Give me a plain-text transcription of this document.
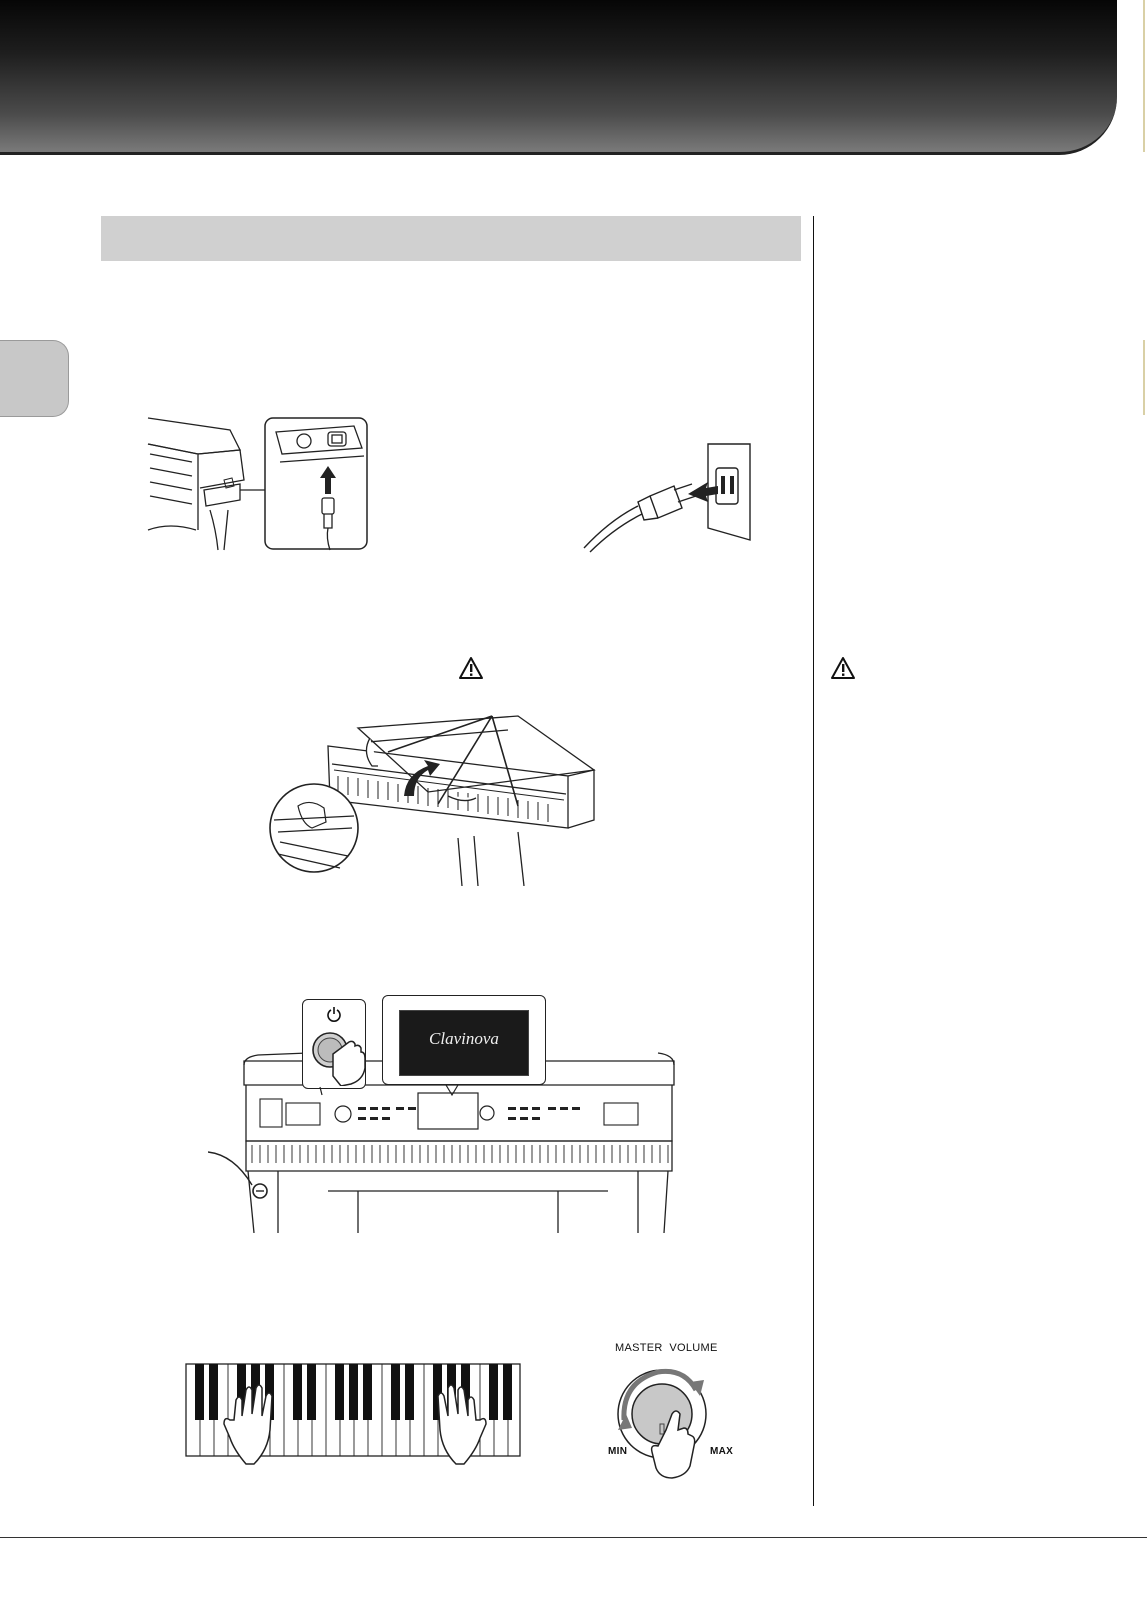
Clavinova
MASTER  VOLUME
MIN	MAX
